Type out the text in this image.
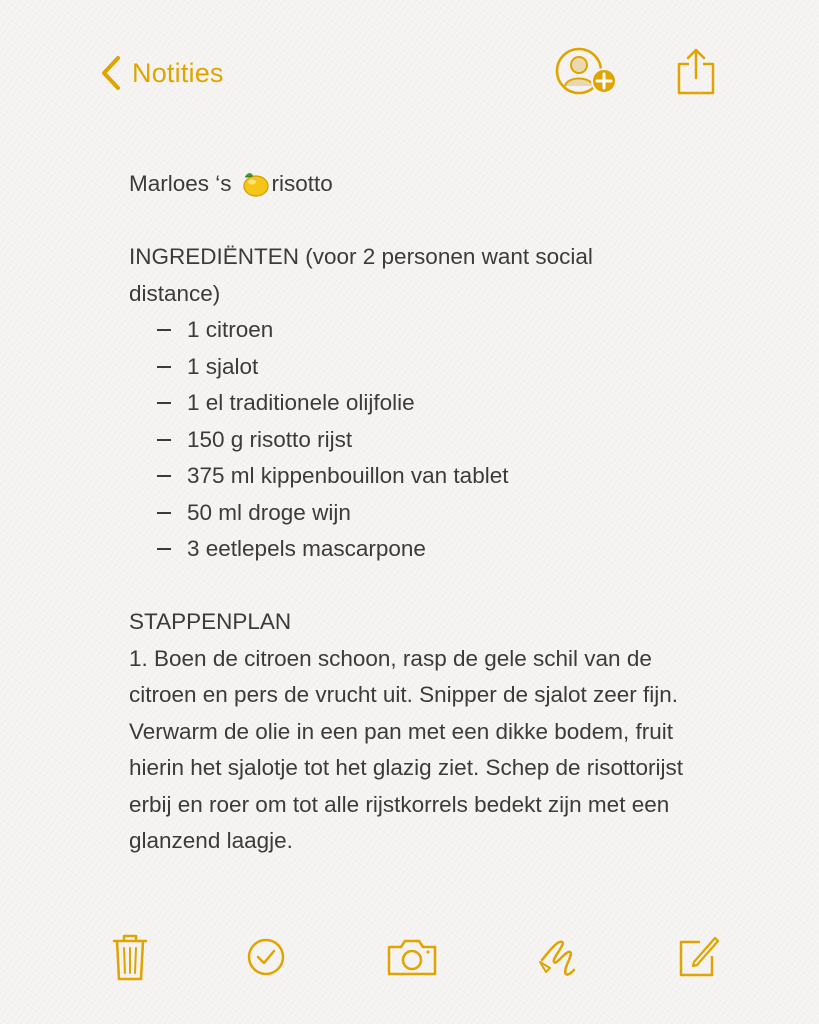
Notities

Marloes ‘s risotto

INGREDIËNTEN (voor 2 personen want social distance)

1 citroen
1 sjalot
1 el traditionele olijfolie
150 g risotto rijst
375 ml kippenbouillon van tablet
50 ml droge wijn
3 eetlepels mascarpone

STAPPENPLAN

1. Boen de citroen schoon, rasp de gele schil van de citroen en pers de vrucht uit. Snipper de sjalot zeer fijn. Verwarm de olie in een pan met een dikke bodem, fruit hierin het sjalotje tot het glazig ziet. Schep de risottorijst erbij en roer om tot alle rijstkorrels bedekt zijn met een glanzend laagje.
